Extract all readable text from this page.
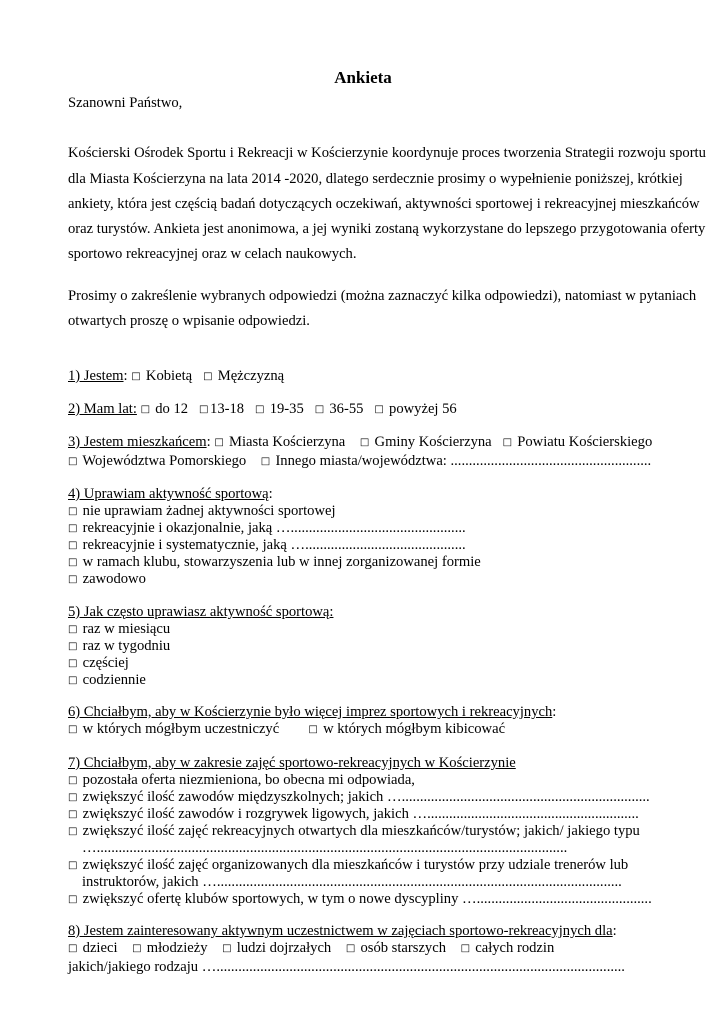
Ankieta
Szanowni Państwo,
Kościerski Ośrodek Sportu i Rekreacji w Kościerzynie koordynuje proces tworzenia Strategii rozwoju sportu
dla Miasta Kościerzyna na lata 2014 -2020, dlatego serdecznie prosimy o wypełnienie poniższej, krótkiej
ankiety, która jest częścią badań dotyczących oczekiwań, aktywności sportowej i rekreacyjnej mieszkańców
oraz turystów. Ankieta jest anonimowa, a jej wyniki zostaną wykorzystane do lepszego przygotowania oferty
sportowo rekreacyjnej oraz w celach naukowych.
Prosimy o zakreślenie wybranych odpowiedzi (można zaznaczyć kilka odpowiedzi), natomiast w pytaniach
otwartych proszę o wpisanie odpowiedzi.
1) Jestem: □ Kobietą □ Mężczyzną
2) Mam lat: □ do 12 □ 13-18 □ 19-35 □ 36-55 □ powyżej 56
3) Jestem mieszkańcem: □ Miasta Kościerzyna □ Gminy Kościerzyna □ Powiatu Kościerskiego
□ Województwa Pomorskiego □ Innego miasta/województwa: .......................................................
4) Uprawiam aktywność sportową:
□ nie uprawiam żadnej aktywności sportowej
□ rekreacyjnie i okazjonalnie, jaką …................................................
□ rekreacyjnie i systematycznie, jaką …............................................
□ w ramach klubu, stowarzyszenia lub w innej zorganizowanej formie
□ zawodowo
5) Jak często uprawiasz aktywność sportową:
□ raz w miesiącu
□ raz w tygodniu
□ częściej
□ codziennie
6) Chciałbym, aby w Kościerzynie było więcej imprez sportowych i rekreacyjnych:
□ w których mógłbym uczestniczyć	□ w których mógłbym kibicować
7) Chciałbym, aby w zakresie zajęć sportowo-rekreacyjnych w Kościerzynie
□ pozostała oferta niezmieniona, bo obecna mi odpowiada,
□ zwiększyć ilość zawodów międzyszkolnych; jakich …....................................................................
□ zwiększyć ilość zawodów i rozgrywek ligowych, jakich …..........................................................
□ zwiększyć ilość zajęć rekreacyjnych otwartych dla mieszkańców/turystów; jakich/ jakiego typu
….................................................................................................................................
□ zwiększyć ilość zajęć organizowanych dla mieszkańców i turystów przy udziale trenerów lub
instruktorów, jakich …...............................................................................................................
□ zwiększyć ofertę klubów sportowych, w tym o nowe dyscypliny …................................................
8) Jestem zainteresowany aktywnym uczestnictwem w zajęciach sportowo-rekreacyjnych dla:
□ dzieci □ młodzieży □ ludzi dojrzałych □ osób starszych □ całych rodzin
jakich/jakiego rodzaju …................................................................................................................
